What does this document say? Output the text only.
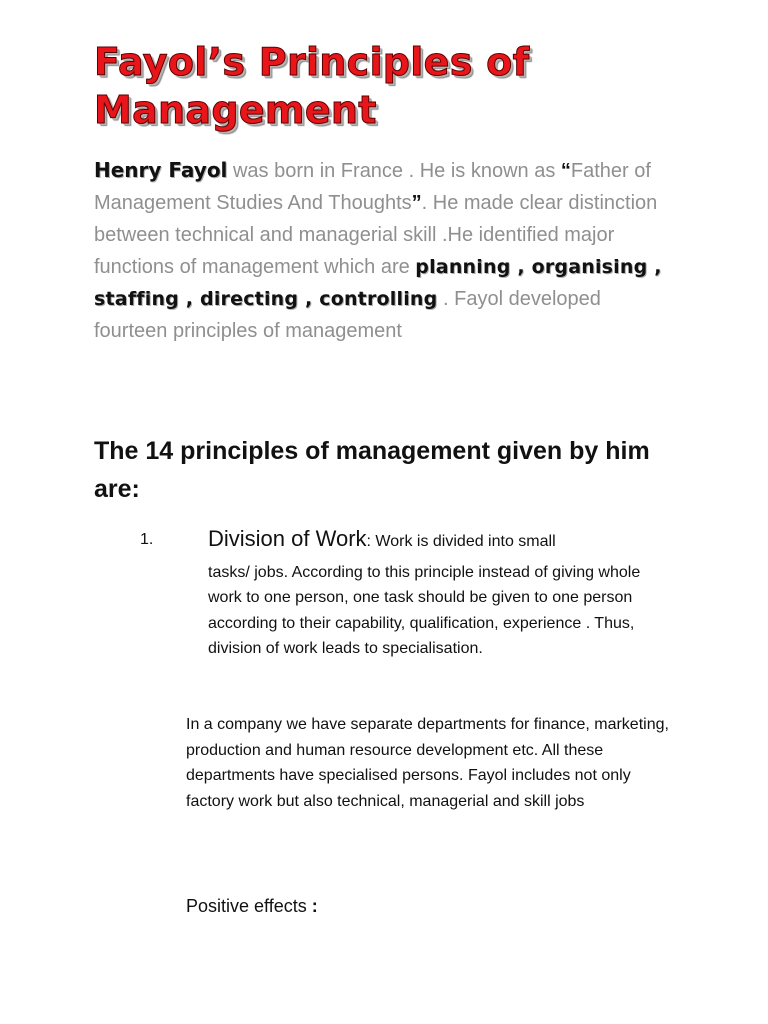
Fayol’s Principles of
Management

Henry Fayol was born in France . He is known as “Father of Management Studies And Thoughts”. He made clear distinction between technical and managerial skill .He identified major functions of management which are planning , organising , staffing , directing , controlling . Fayol developed fourteen principles of management

The 14 principles of management given by him are:
1. Division of Work: Work is divided into small

tasks/ jobs. According to this principle instead of giving whole work to one person, one task should be given to one person according to their capability, qualification, experience . Thus, division of work leads to specialisation.

In a company we have separate departments for finance, marketing, production and human resource development etc. All these departments have specialised persons. Fayol includes not only factory work but also technical, managerial and skill jobs

Positive effects :
